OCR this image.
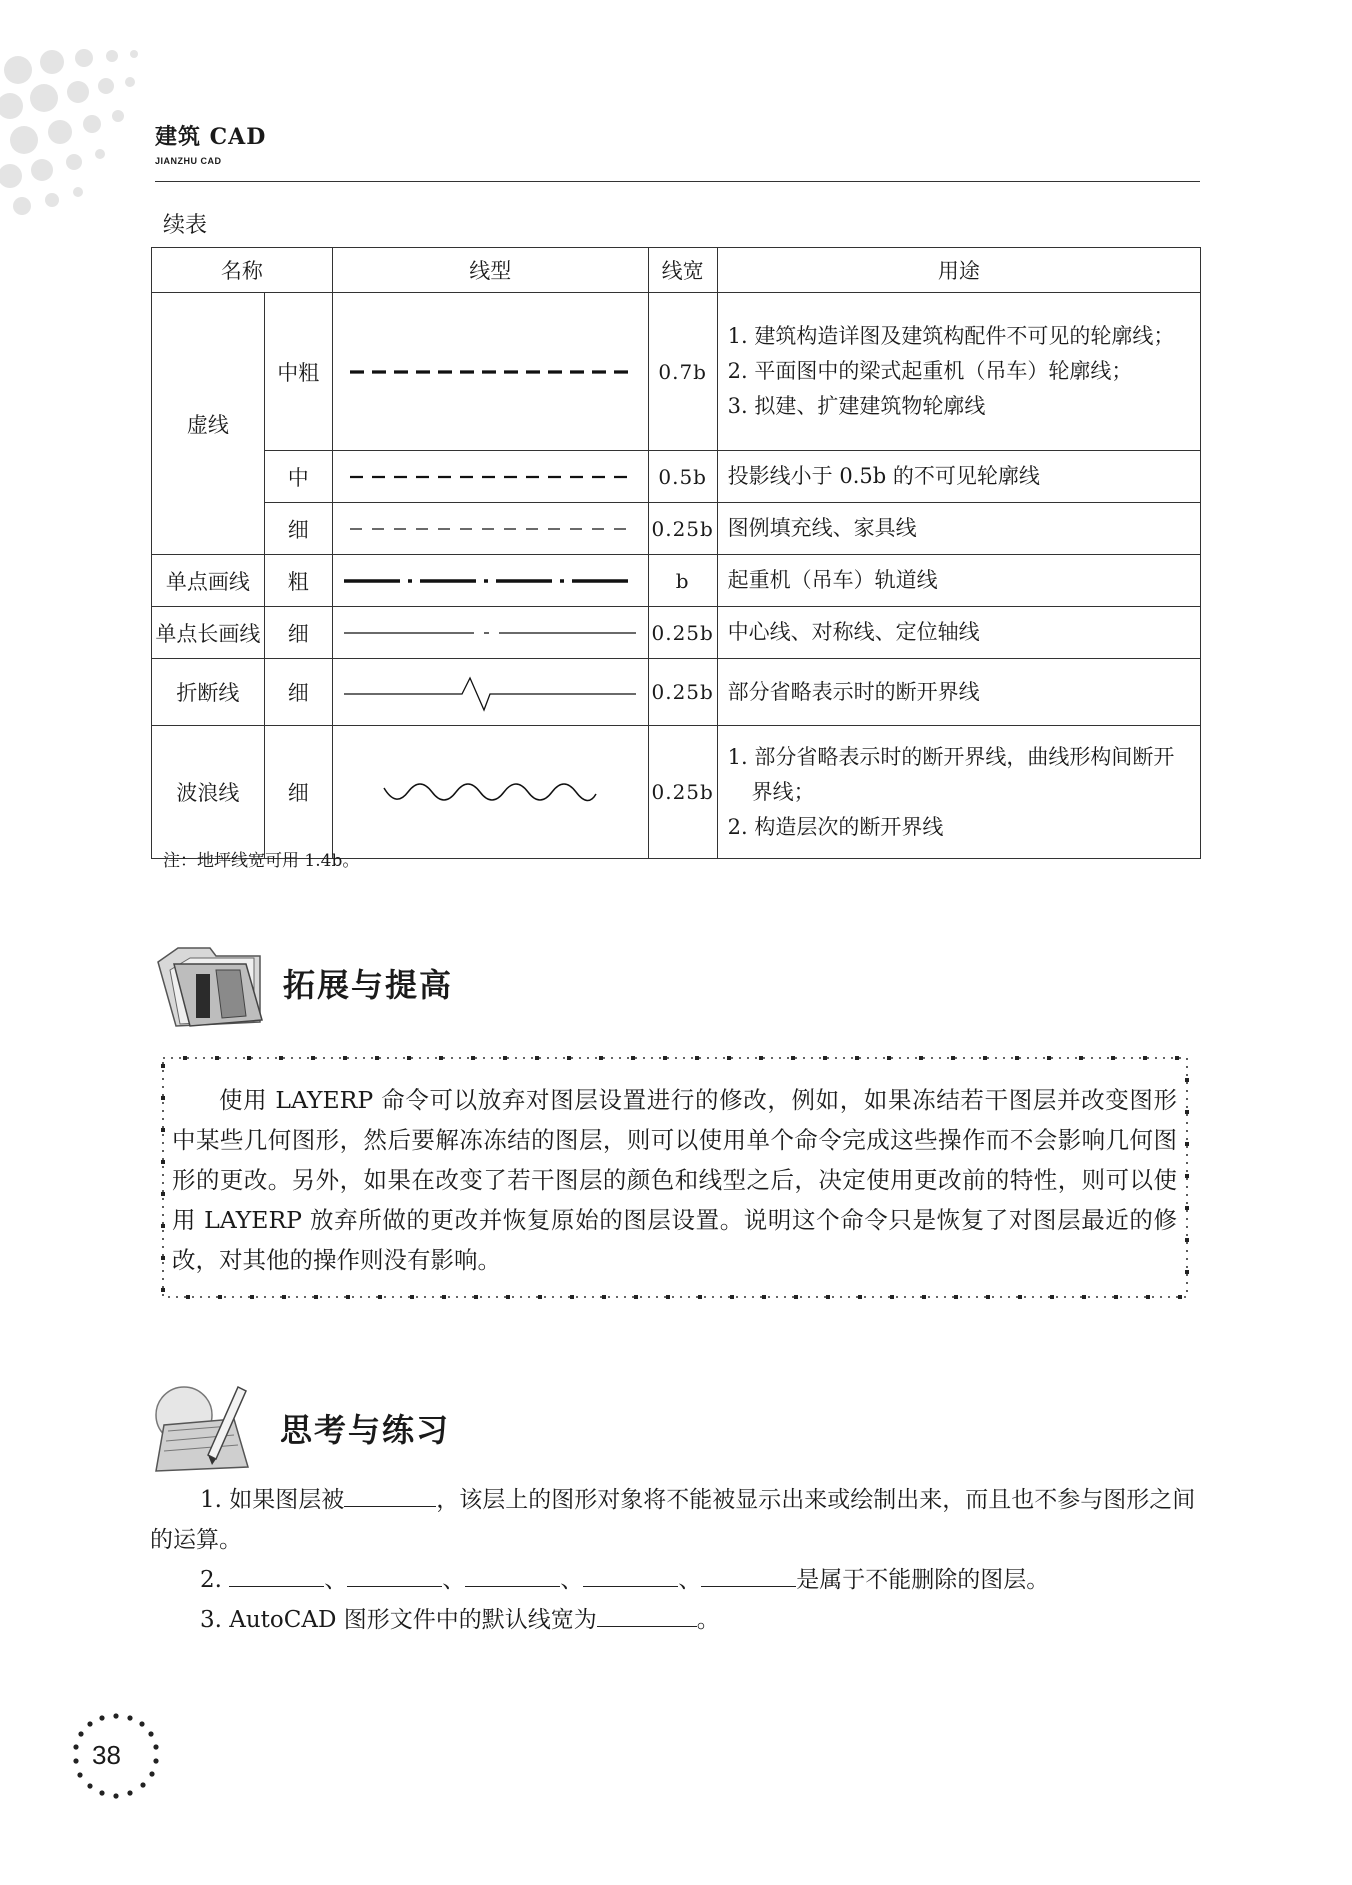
建筑 CAD
JIANZHU CAD
续表
名称		线型	线宽	用途
虚线	中粗		0.7b	1. 建筑构造详图及建筑构配件不可见的轮廓线；
2. 平面图中的梁式起重机（吊车）轮廓线；
3. 拟建、扩建建筑物轮廓线

	中		0.5b	投影线小于 0.5b 的不可见轮廓线

	细		0.25b	图例填充线、家具线

单点画线	粗		b	起重机（吊车）轨道线

单点长画线	细		0.25b	中心线、对称线、定位轴线

折断线	细		0.25b	部分省略表示时的断开界线

波浪线	细		0.25b	1. 部分省略表示时的断开界线，曲线形构间断开界线；
2. 构造层次的断开界线
注：地坪线宽可用 1.4b。
拓展与提高
使用 LAYERP 命令可以放弃对图层设置进行的修改，例如，如果冻结若干图层并改变图形中某些几何图形，然后要解冻冻结的图层，则可以使用单个命令完成这些操作而不会影响几何图形的更改。另外，如果在改变了若干图层的颜色和线型之后，决定使用更改前的特性，则可以使用 LAYERP 放弃所做的更改并恢复原始的图层设置。说明这个命令只是恢复了对图层最近的修改，对其他的操作则没有影响。
思考与练习
1. 如果图层被	，该层上的图形对象将不能被显示出来或绘制出来，而且也不参与图形之间的运算。
2.	、	、	、	、	是属于不能删除的图层。
3. AutoCAD 图形文件中的默认线宽为	。
38
